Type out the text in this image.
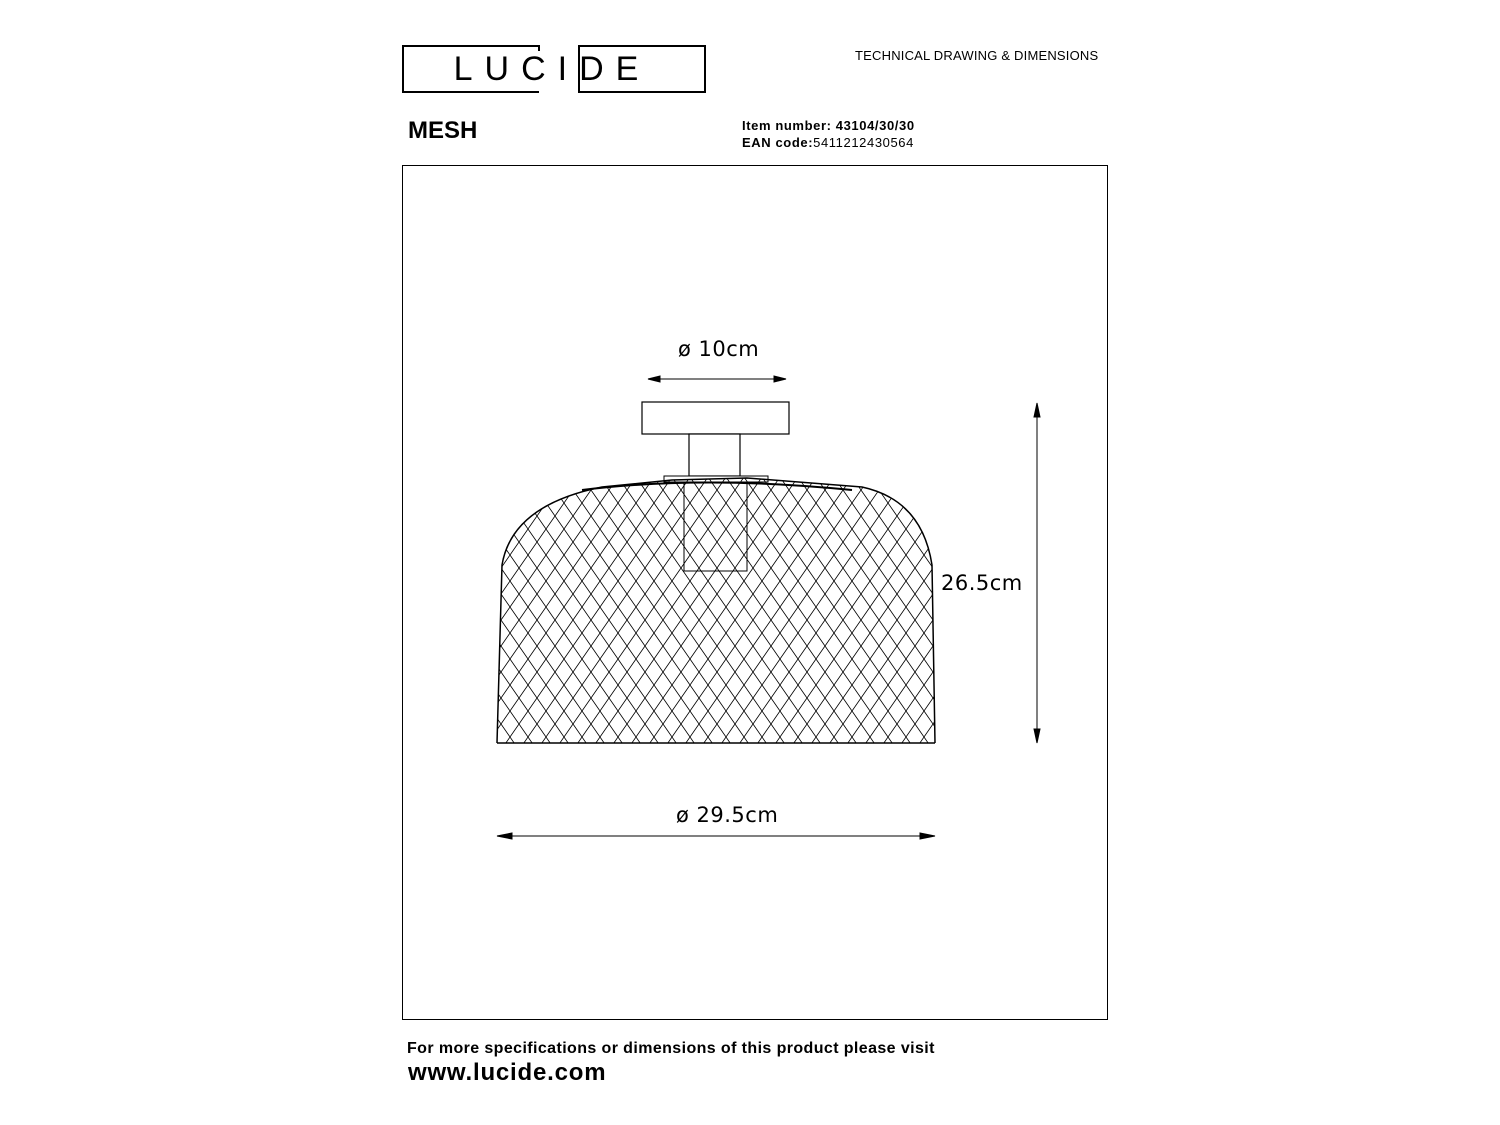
LUCIDE	TECHNICAL DRAWING & DIMENSIONS
MESH	Item number: 43104/30/30
EAN code:5411212430564
ø 10cm
26.5cm
ø 29.5cm
For more specifications or dimensions of this product please visit
www.lucide.com
